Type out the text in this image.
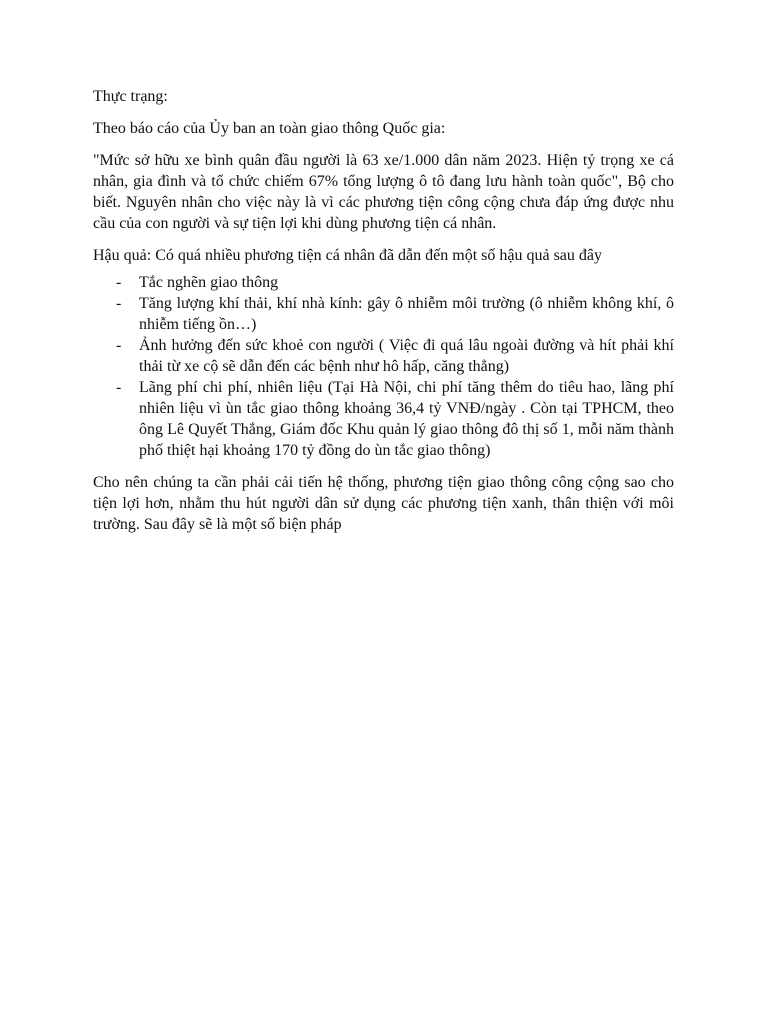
Thực trạng:

Theo báo cáo của Ủy ban an toàn giao thông Quốc gia:

"Mức sở hữu xe bình quân đầu người là 63 xe/1.000 dân năm 2023. Hiện tỷ trọng xe cá nhân, gia đình và tổ chức chiếm 67% tổng lượng ô tô đang lưu hành toàn quốc", Bộ cho biết. Nguyên nhân cho việc này là vì các phương tiện công cộng chưa đáp ứng được nhu cầu của con người và sự tiện lợi khi dùng phương tiện cá nhân.

Hậu quả: Có quá nhiều phương tiện cá nhân đã dẫn đến một số hậu quả sau đây

- Tắc nghẽn giao thông
- Tăng lượng khí thải, khí nhà kính: gây ô nhiễm môi trường (ô nhiễm không khí, ô nhiễm tiếng ồn…)
- Ảnh hưởng đến sức khoẻ con người ( Việc đi quá lâu ngoài đường và hít phải khí thải từ xe cộ sẽ dẫn đến các bệnh như hô hấp, căng thẳng)
- Lãng phí chi phí, nhiên liệu (Tại Hà Nội, chi phí tăng thêm do tiêu hao, lãng phí nhiên liệu vì ùn tắc giao thông khoảng 36,4 tỷ VNĐ/ngày . Còn tại TPHCM, theo ông Lê Quyết Thắng, Giám đốc Khu quản lý giao thông đô thị số 1, mỗi năm thành phố thiệt hại khoảng 170 tỷ đồng do ùn tắc giao thông)

Cho nên chúng ta cần phải cải tiến hệ thống, phương tiện giao thông công cộng sao cho tiện lợi hơn, nhằm thu hút người dân sử dụng các phương tiện xanh, thân thiện với môi trường. Sau đây sẽ là một số biện pháp
